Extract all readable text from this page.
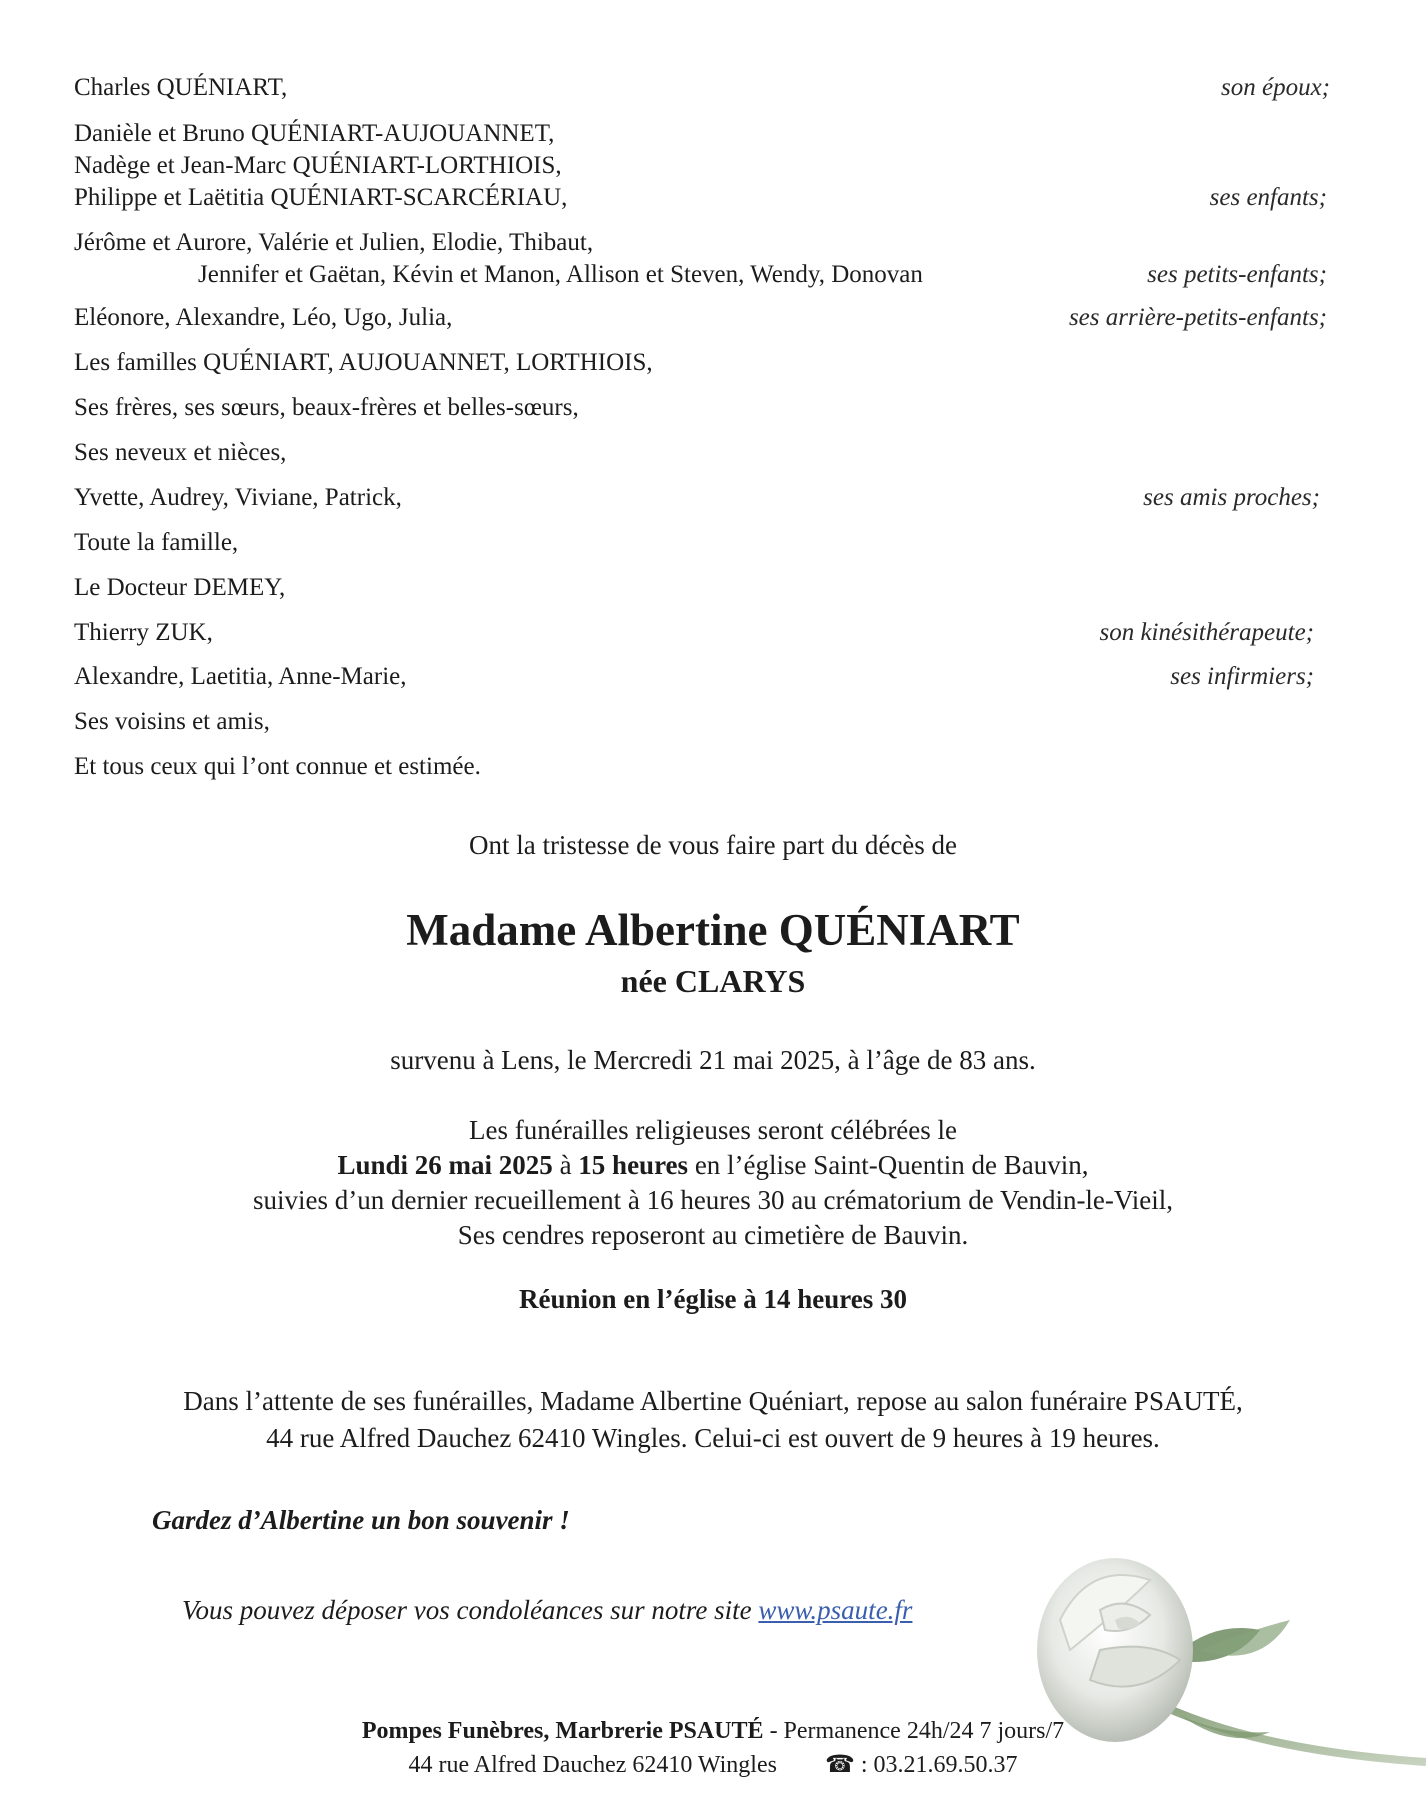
Charles QUÉNIART,	son époux;
Danièle et Bruno QUÉNIART-AUJOUANNET,
Nadège et Jean-Marc QUÉNIART-LORTHIOIS,
Philippe et Laëtitia QUÉNIART-SCARCÉRIAU,	ses enfants;
Jérôme et Aurore, Valérie et Julien, Elodie, Thibaut,
Jennifer et Gaëtan, Kévin et Manon, Allison et Steven, Wendy, Donovan	ses petits-enfants;
Eléonore, Alexandre, Léo, Ugo, Julia,	ses arrière-petits-enfants;
Les familles QUÉNIART, AUJOUANNET, LORTHIOIS,
Ses frères, ses sœurs, beaux-frères et belles-sœurs,
Ses neveux et nièces,
Yvette, Audrey, Viviane, Patrick,	ses amis proches;
Toute la famille,
Le Docteur DEMEY,
Thierry ZUK,	son kinésithérapeute;
Alexandre, Laetitia, Anne-Marie,	ses infirmiers;
Ses voisins et amis,
Et tous ceux qui l’ont connue et estimée.
Ont la tristesse de vous faire part du décès de
Madame Albertine QUÉNIART
née CLARYS
survenu à Lens, le Mercredi 21 mai 2025, à l’âge de 83 ans.
Les funérailles religieuses seront célébrées le
Lundi 26 mai 2025 à 15 heures en l’église Saint-Quentin de Bauvin,
suivies d’un dernier recueillement à 16 heures 30 au crématorium de Vendin-le-Vieil,
Ses cendres reposeront au cimetière de Bauvin.
Réunion en l’église à 14 heures 30
Dans l’attente de ses funérailles, Madame Albertine Quéniart, repose au salon funéraire PSAUTÉ,
44 rue Alfred Dauchez 62410 Wingles. Celui-ci est ouvert de 9 heures à 19 heures.
Gardez d’Albertine un bon souvenir !
Vous pouvez déposer vos condoléances sur notre site www.psaute.fr
Pompes Funèbres, Marbrerie PSAUTÉ - Permanence 24h/24 7 jours/7
44 rue Alfred Dauchez 62410 Wingles ☎ : 03.21.69.50.37
